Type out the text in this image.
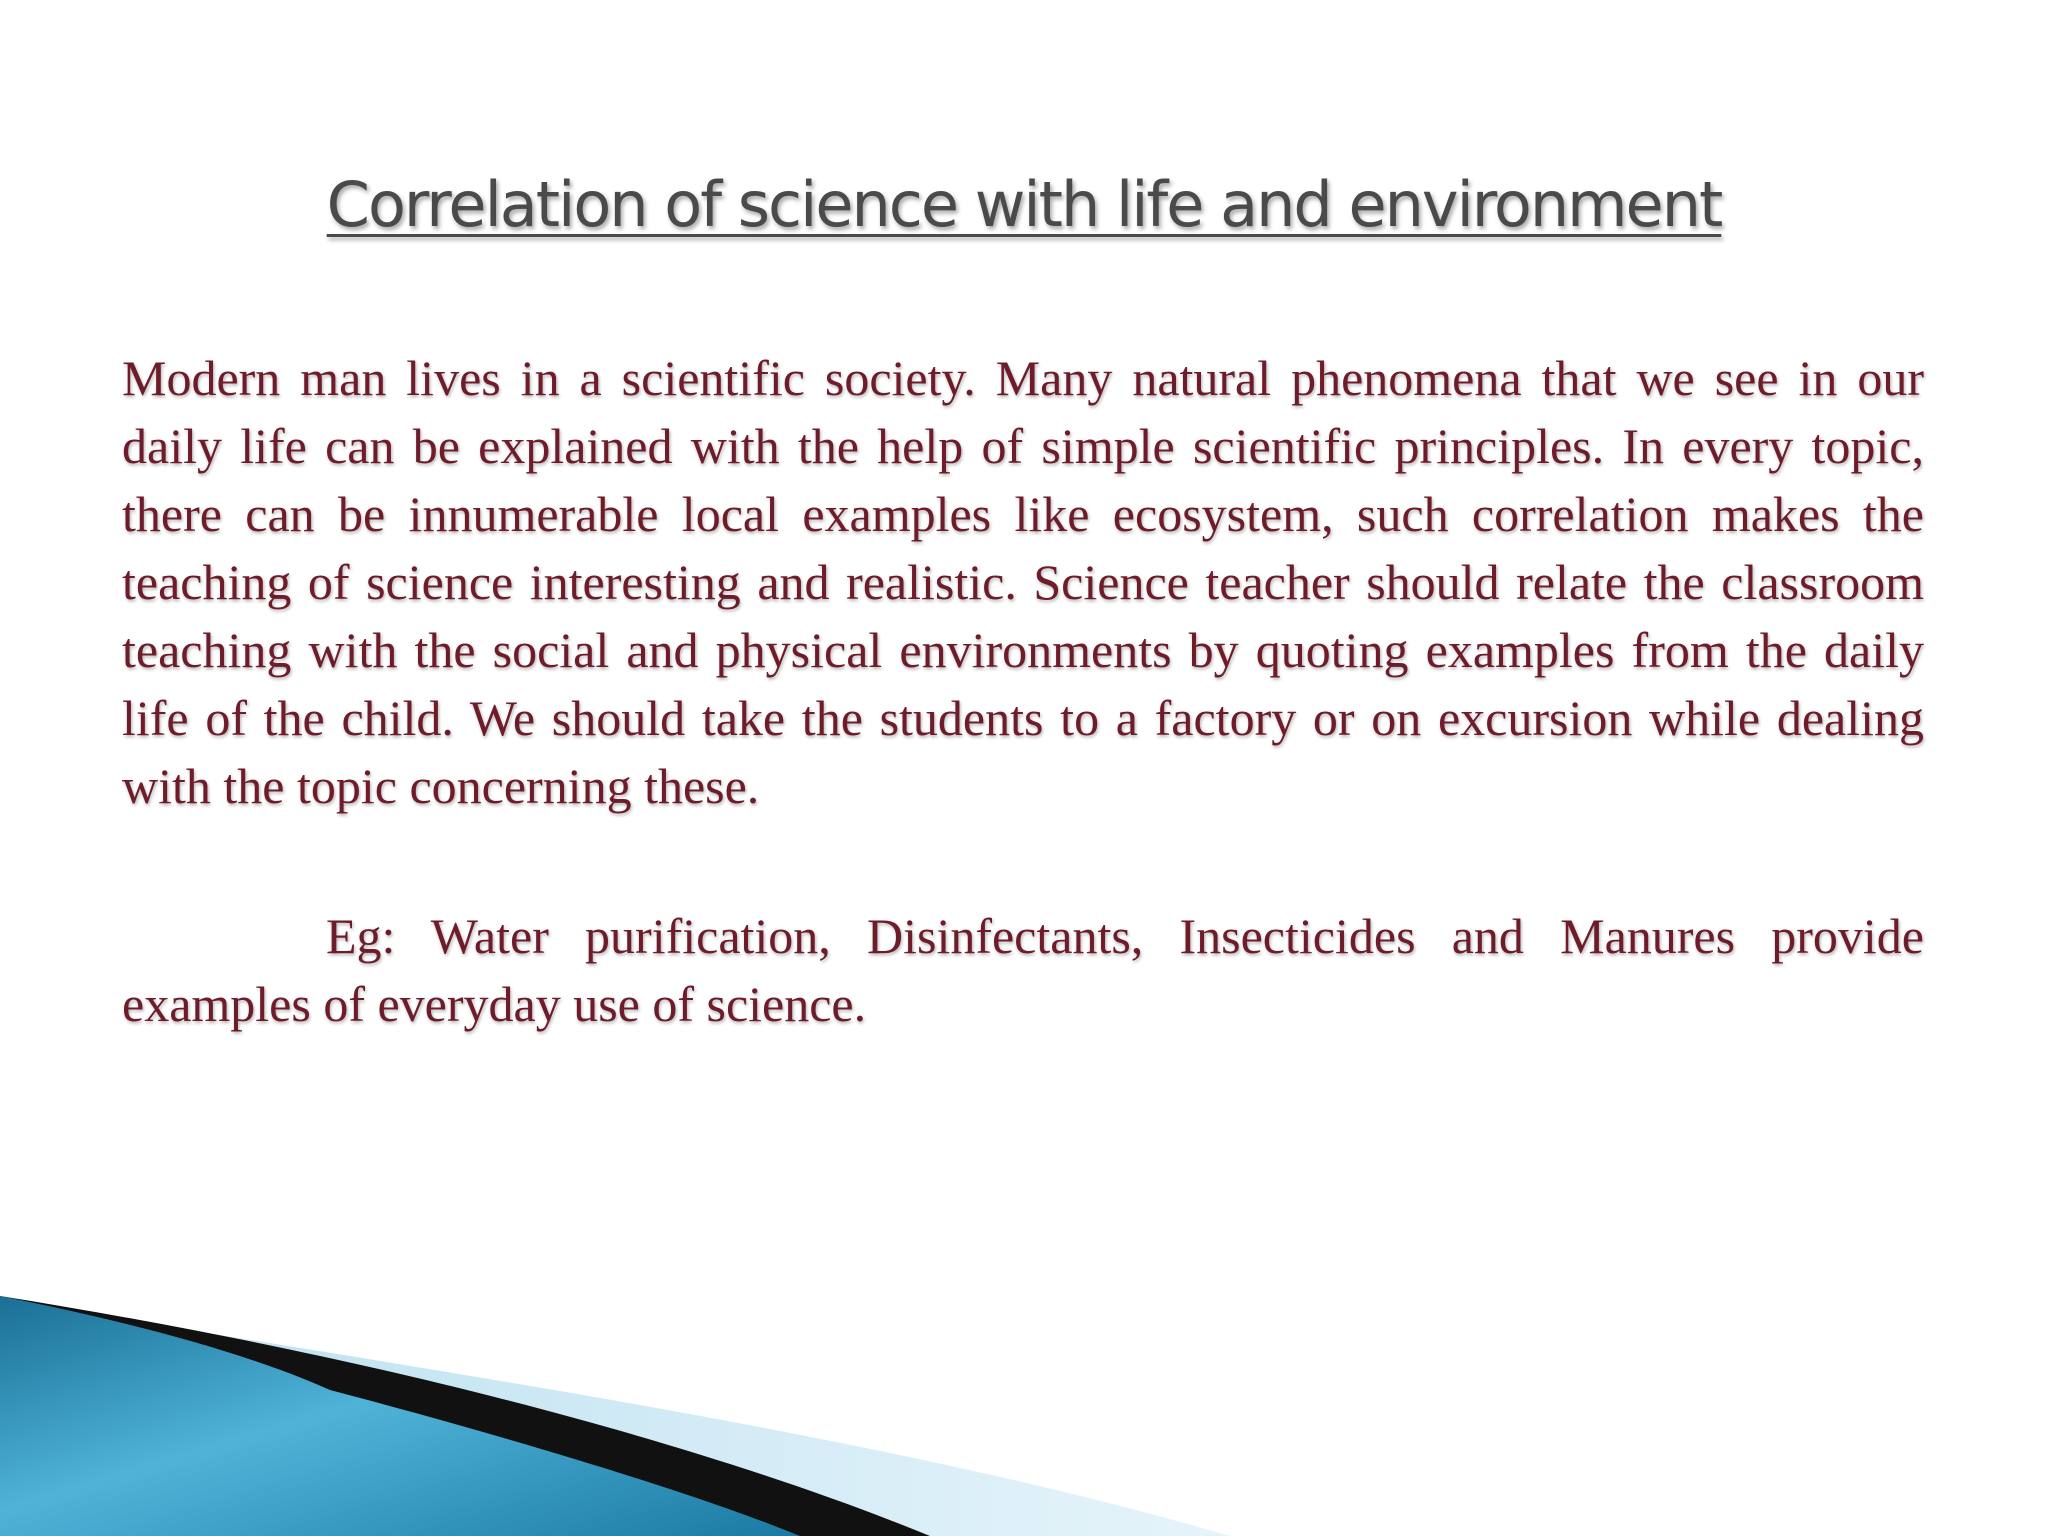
Correlation of science with life and environment

Modern man lives in a scientific society. Many natural phenomena that we see in our daily life can be explained with the help of simple scientific principles. In every topic, there can be innumerable local examples like ecosystem, such correlation makes the teaching of science interesting and realistic. Science teacher should relate the classroom teaching with the social and physical environments by quoting examples from the daily life of the child. We should take the students to a factory or on excursion while dealing with the topic concerning these.

Eg: Water purification, Disinfectants, Insecticides and Manures provide examples of everyday use of science.
